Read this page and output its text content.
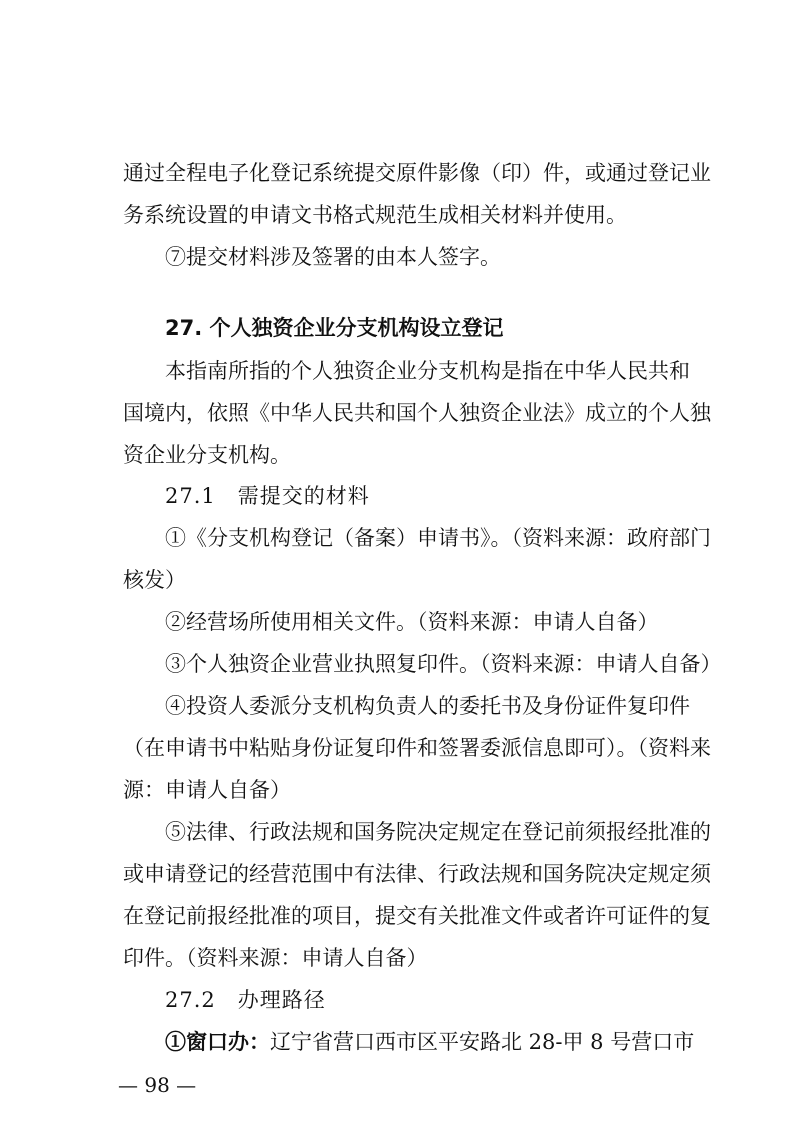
通过全程电子化登记系统提交原件影像（印）件，或通过登记业
务系统设置的申请文书格式规范生成相关材料并使用。
⑦提交材料涉及签署的由本人签字。
27. 个人独资企业分支机构设立登记
本指南所指的个人独资企业分支机构是指在中华人民共和
国境内，依照《中华人民共和国个人独资企业法》成立的个人独
资企业分支机构。
27.1　需提交的材料
①《分支机构登记（备案）申请书》。（资料来源：政府部门
核发）
②经营场所使用相关文件。（资料来源：申请人自备）
③个人独资企业营业执照复印件。（资料来源：申请人自备）
④投资人委派分支机构负责人的委托书及身份证件复印件
（在申请书中粘贴身份证复印件和签署委派信息即可）。（资料来
源：申请人自备）
⑤法律、行政法规和国务院决定规定在登记前须报经批准的
或申请登记的经营范围中有法律、行政法规和国务院决定规定须
在登记前报经批准的项目，提交有关批准文件或者许可证件的复
印件。（资料来源：申请人自备）
27.2　办理路径
①窗口办：辽宁省营口西市区平安路北 28-甲 8 号营口市
— 98 —
